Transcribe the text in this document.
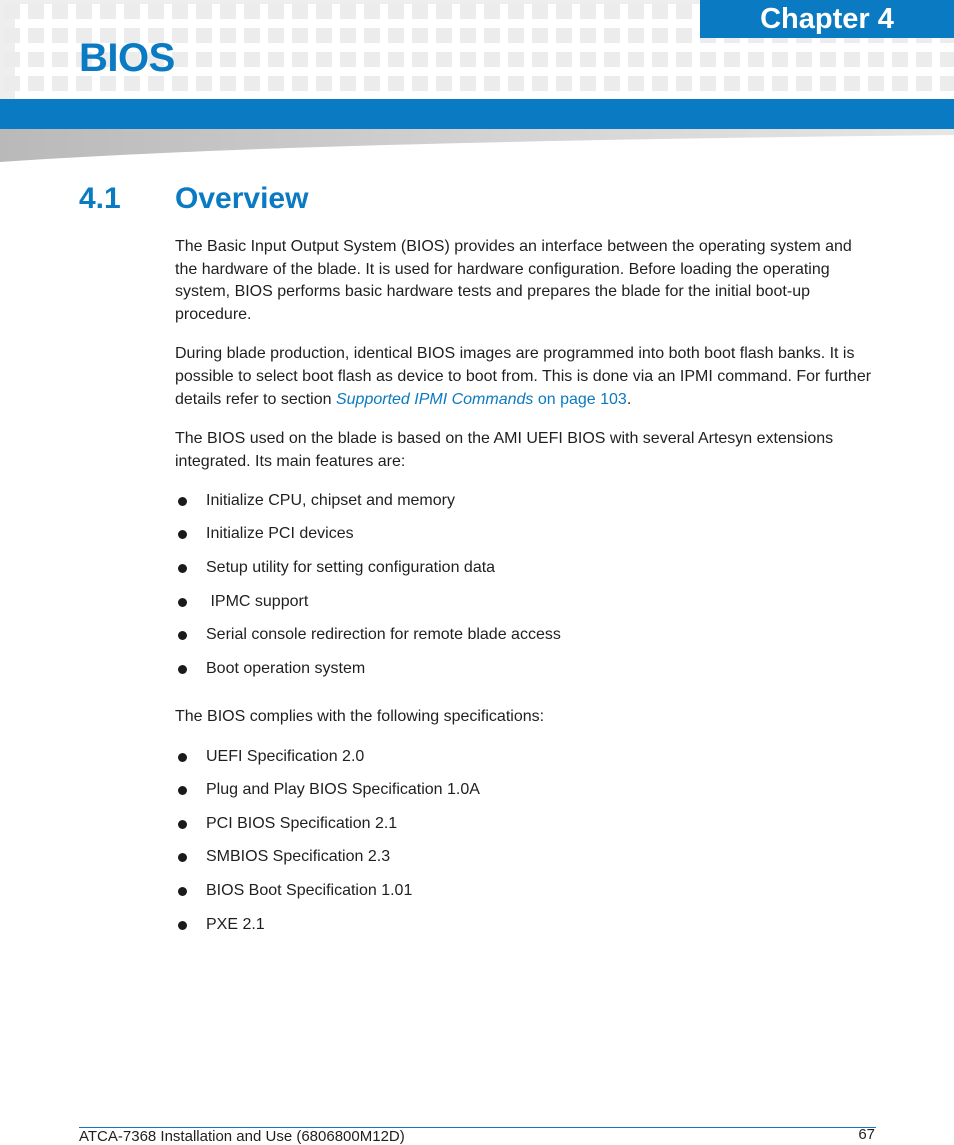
Chapter 4
BIOS
4.1 Overview

The Basic Input Output System (BIOS) provides an interface between the operating system and the hardware of the blade. It is used for hardware configuration. Before loading the operating system, BIOS performs basic hardware tests and prepares the blade for the initial boot-up procedure.

During blade production, identical BIOS images are programmed into both boot flash banks. It is possible to select boot flash as device to boot from. This is done via an IPMI command. For further details refer to section Supported IPMI Commands on page 103.

The BIOS used on the blade is based on the AMI UEFI BIOS with several Artesyn extensions integrated. Its main features are:

Initialize CPU, chipset and memory
Initialize PCI devices
Setup utility for setting configuration data
IPMC support
Serial console redirection for remote blade access
Boot operation system

The BIOS complies with the following specifications:

UEFI Specification 2.0
Plug and Play BIOS Specification 1.0A
PCI BIOS Specification 2.1
SMBIOS Specification 2.3
BIOS Boot Specification 1.01
PXE 2.1
ATCA-7368 Installation and Use (6806800M12D)	67
